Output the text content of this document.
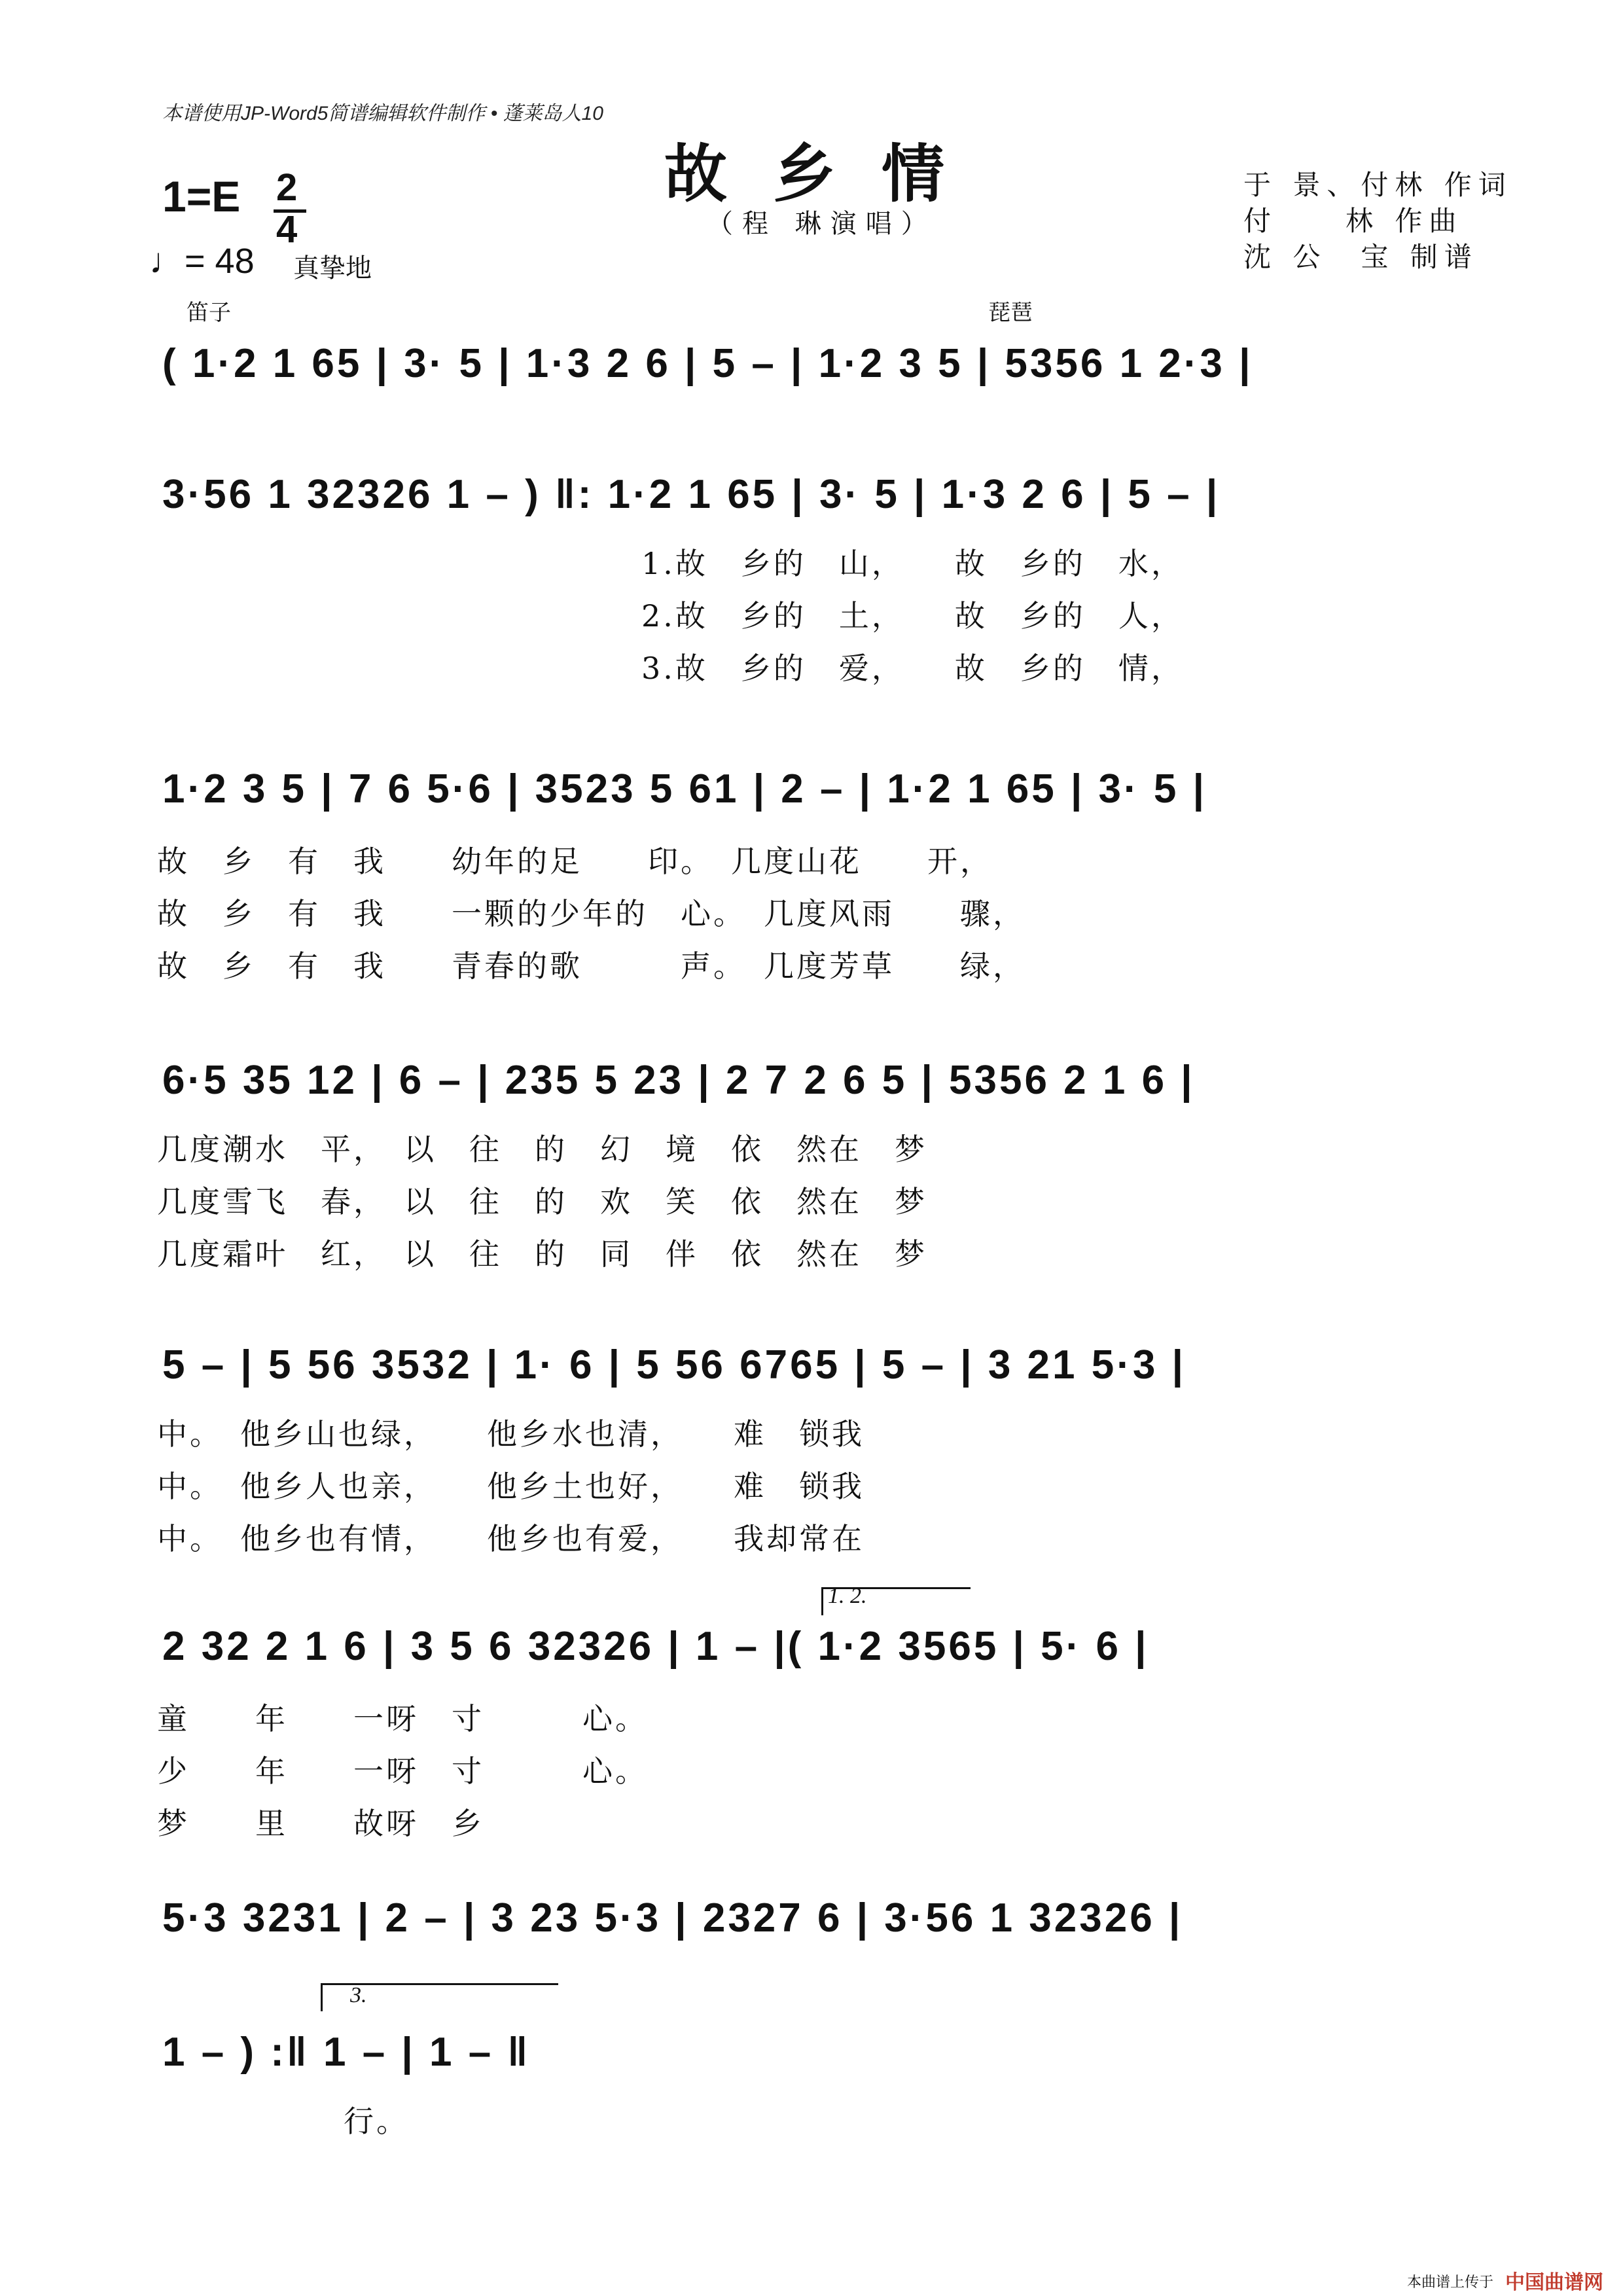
本谱使用JP-Word5简谱编辑软件制作 • 蓬莱岛人10
故乡情
（程 琳演唱）
1=E 2
4
♩= 48 真挚地
于 景、付林 作词
付　　林 作曲
沈 公　宝 制谱
笛子	琵琶
( 1·2 1 65 | 3· 5 | 1·3 2 6 | 5 – | 1·2 3 5 | 5356 1 2·3 |
3·56 1 32326 1 – ) ‖: 1·2 1 65 | 3· 5 | 1·3 2 6 | 5 – |
1.故　乡的　山，　　故　乡的　水，
2.故　乡的　土，　　故　乡的　人，
3.故　乡的　爱，　　故　乡的　情，
1·2 3 5 | 7 6 5·6 | 3523 5 61 | 2 – | 1·2 1 65 | 3· 5 |
故　乡　有　我　　幼年的足　　印。　几度山花　　开，
故　乡　有　我　　一颗的少年的　心。　几度风雨　　骤，
故　乡　有　我　　青春的歌　　　声。　几度芳草　　绿，
6·5 35 12 | 6 – | 235 5 23 | 2 7 2 6 5 | 5356 2 1 6 |
几度潮水　平，　以　往　的　幻　境　依　然在　梦
几度雪飞　春，　以　往　的　欢　笑　依　然在　梦
几度霜叶　红，　以　往　的　同　伴　依　然在　梦
5 – | 5 56 3532 | 1· 6 | 5 56 6765 | 5 – | 3 21 5·3 |
中。　他乡山也绿，　　他乡水也清，　　难　锁我
中。　他乡人也亲，　　他乡土也好，　　难　锁我
中。　他乡也有情，　　他乡也有爱，　　我却常在
1. 2.
2 32 2 1 6 | 3 5 6 32326 | 1 – |( 1·2 3565 | 5· 6 |
童　　年　　一呀　寸　　　心。
少　　年　　一呀　寸　　　心。
梦　　里　　故呀　乡
5·3 3231 | 2 – | 3 23 5·3 | 2327 6 | 3·56 1 32326 |
3.
1 – ) :‖ 1 – | 1 – ‖
行。
本曲谱上传于 中国曲谱网
